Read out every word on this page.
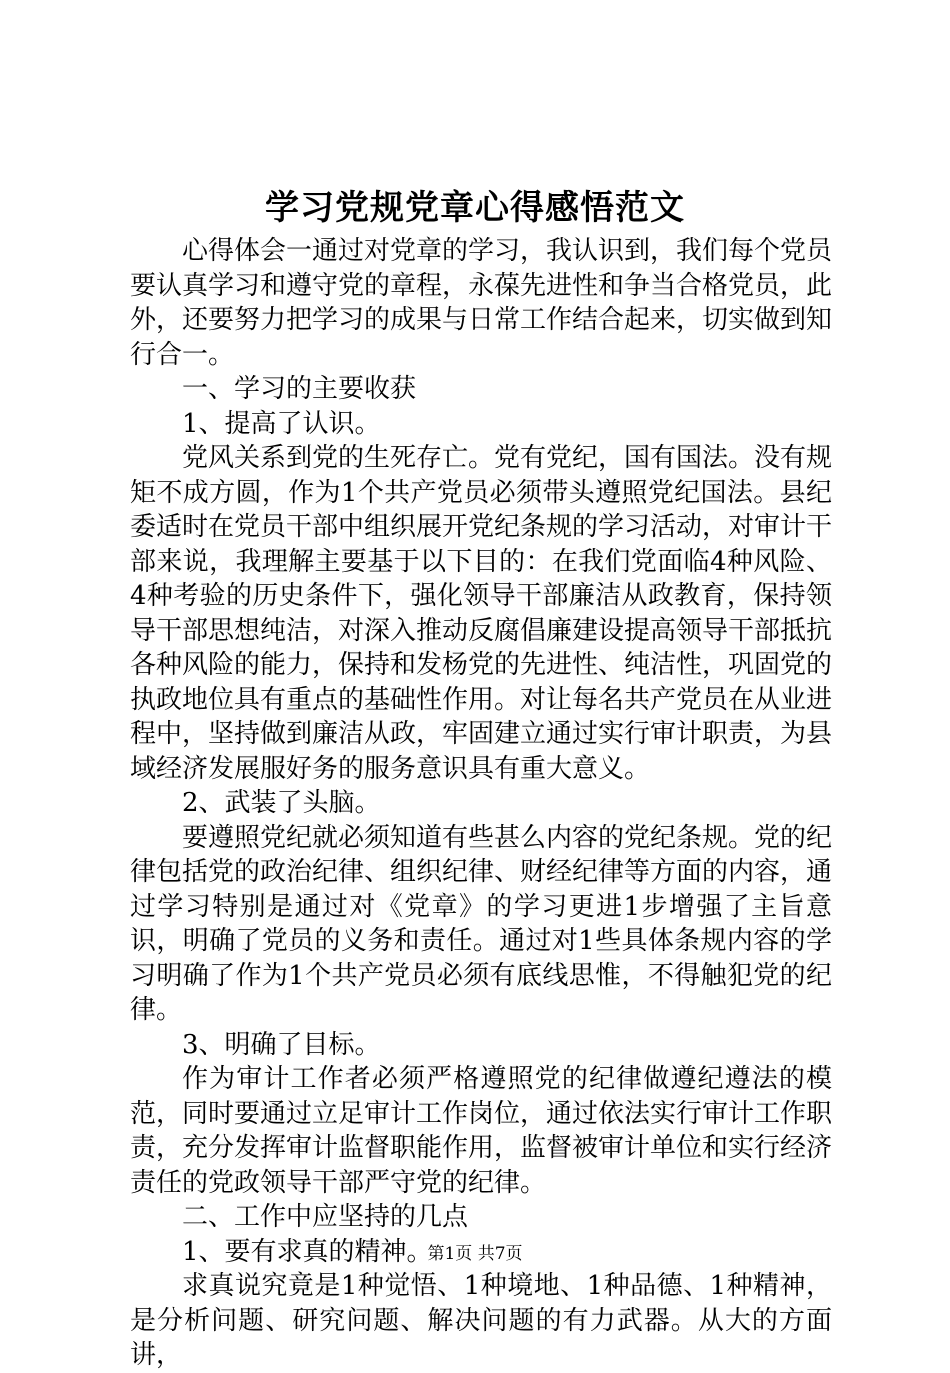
学习党规党章心得感悟范文

心得体会一通过对党章的学习，我认识到，我们每个党员要认真学习和遵守党的章程，永葆先进性和争当合格党员，此外，还要努力把学习的成果与日常工作结合起来，切实做到知行合一。

一、学习的主要收获

1、提高了认识。

党风关系到党的生死存亡。党有党纪，国有国法。没有规矩不成方圆，作为1个共产党员必须带头遵照党纪国法。县纪委适时在党员干部中组织展开党纪条规的学习活动，对审计干部来说，我理解主要基于以下目的：在我们党面临4种风险、4种考验的历史条件下，强化领导干部廉洁从政教育，保持领导干部思想纯洁，对深入推动反腐倡廉建设提高领导干部抵抗各种风险的能力，保持和发杨党的先进性、纯洁性，巩固党的执政地位具有重点的基础性作用。对让每名共产党员在从业进程中，坚持做到廉洁从政，牢固建立通过实行审计职责，为县域经济发展服好务的服务意识具有重大意义。

2、武装了头脑。

要遵照党纪就必须知道有些甚么内容的党纪条规。党的纪律包括党的政治纪律、组织纪律、财经纪律等方面的内容，通过学习特别是通过对《党章》的学习更进1步增强了主旨意识，明确了党员的义务和责任。通过对1些具体条规内容的学习明确了作为1个共产党员必须有底线思惟，不得触犯党的纪律。

3、明确了目标。

作为审计工作者必须严格遵照党的纪律做遵纪遵法的模范，同时要通过立足审计工作岗位，通过依法实行审计工作职责，充分发挥审计监督职能作用，监督被审计单位和实行经济责任的党政领导干部严守党的纪律。

二、工作中应坚持的几点

1、要有求真的精神。

求真说究竟是1种觉悟、1种境地、1种品德、1种精神，是分析问题、研究问题、解决问题的有力武器。从大的方面讲，

第1页 共7页
